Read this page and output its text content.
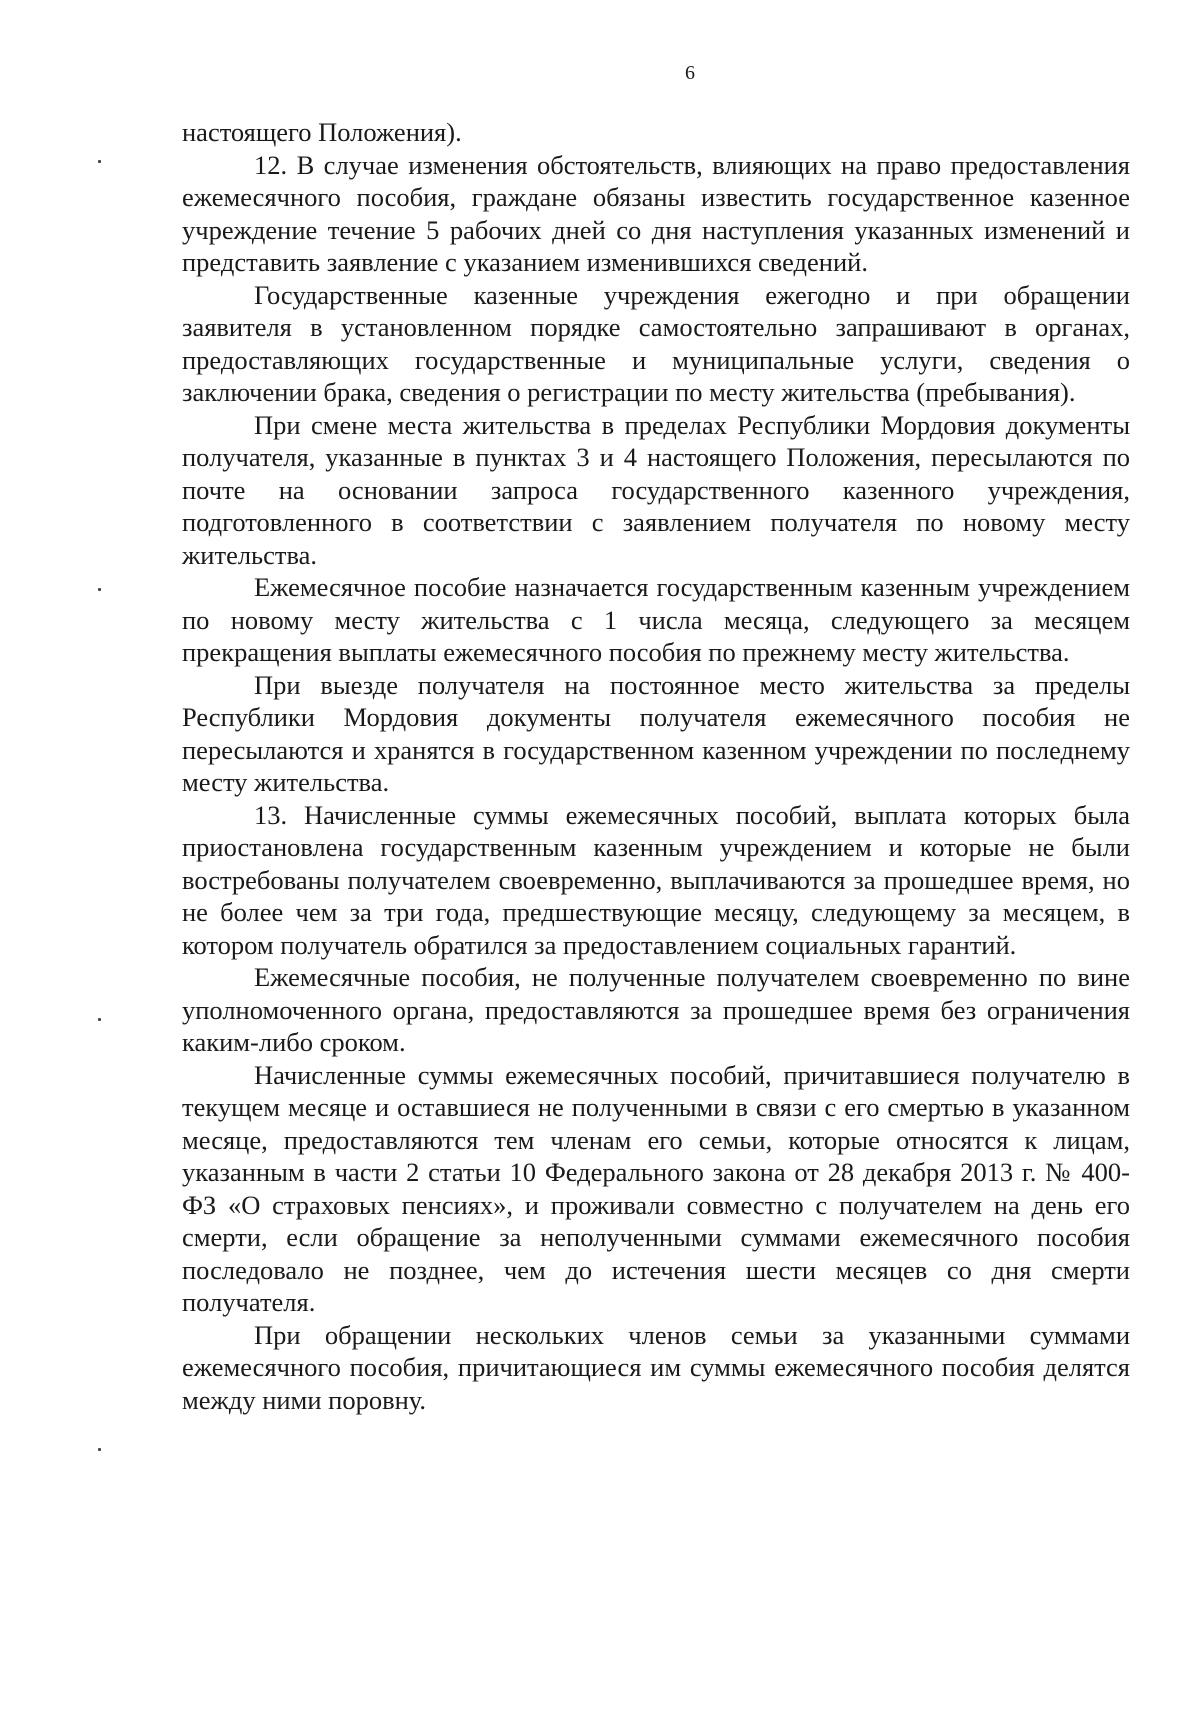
6

настоящего Положения).

12. В случае изменения обстоятельств, влияющих на право предоставления ежемесячного пособия, граждане обязаны известить государственное казенное учреждение течение 5 рабочих дней со дня наступления указанных изменений и представить заявление с указанием изменившихся сведений.

Государственные казенные учреждения ежегодно и при обращении заявителя в установленном порядке самостоятельно запрашивают в органах, предоставляющих государственные и муниципальные услуги, сведения о заключении брака, сведения о регистрации по месту жительства (пребывания).

При смене места жительства в пределах Республики Мордовия документы получателя, указанные в пунктах 3 и 4 настоящего Положения, пересылаются по почте на основании запроса государственного казенного учреждения, подготовленного в соответствии с заявлением получателя по новому месту жительства.

Ежемесячное пособие назначается государственным казенным учреждением по новому месту жительства с 1 числа месяца, следующего за месяцем прекращения выплаты ежемесячного пособия по прежнему месту жительства.

При выезде получателя на постоянное место жительства за пределы Республики Мордовия документы получателя ежемесячного пособия не пересылаются и хранятся в государственном казенном учреждении по последнему месту жительства.

13. Начисленные суммы ежемесячных пособий, выплата которых была приостановлена государственным казенным учреждением и которые не были востребованы получателем своевременно, выплачиваются за прошедшее время, но не более чем за три года, предшествующие месяцу, следующему за месяцем, в котором получатель обратился за предоставлением социальных гарантий.

Ежемесячные пособия, не полученные получателем своевременно по вине уполномоченного органа, предоставляются за прошедшее время без ограничения каким-либо сроком.

Начисленные суммы ежемесячных пособий, причитавшиеся получателю в текущем месяце и оставшиеся не полученными в связи с его смертью в указанном месяце, предоставляются тем членам его семьи, которые относятся к лицам, указанным в части 2 статьи 10 Федерального закона от 28 декабря 2013 г. № 400-ФЗ «О страховых пенсиях», и проживали совместно с получателем на день его смерти, если обращение за неполученными суммами ежемесячного пособия последовало не позднее, чем до истечения шести месяцев со дня смерти получателя.

При обращении нескольких членов семьи за указанными суммами ежемесячного пособия, причитающиеся им суммы ежемесячного пособия делятся между ними поровну.
